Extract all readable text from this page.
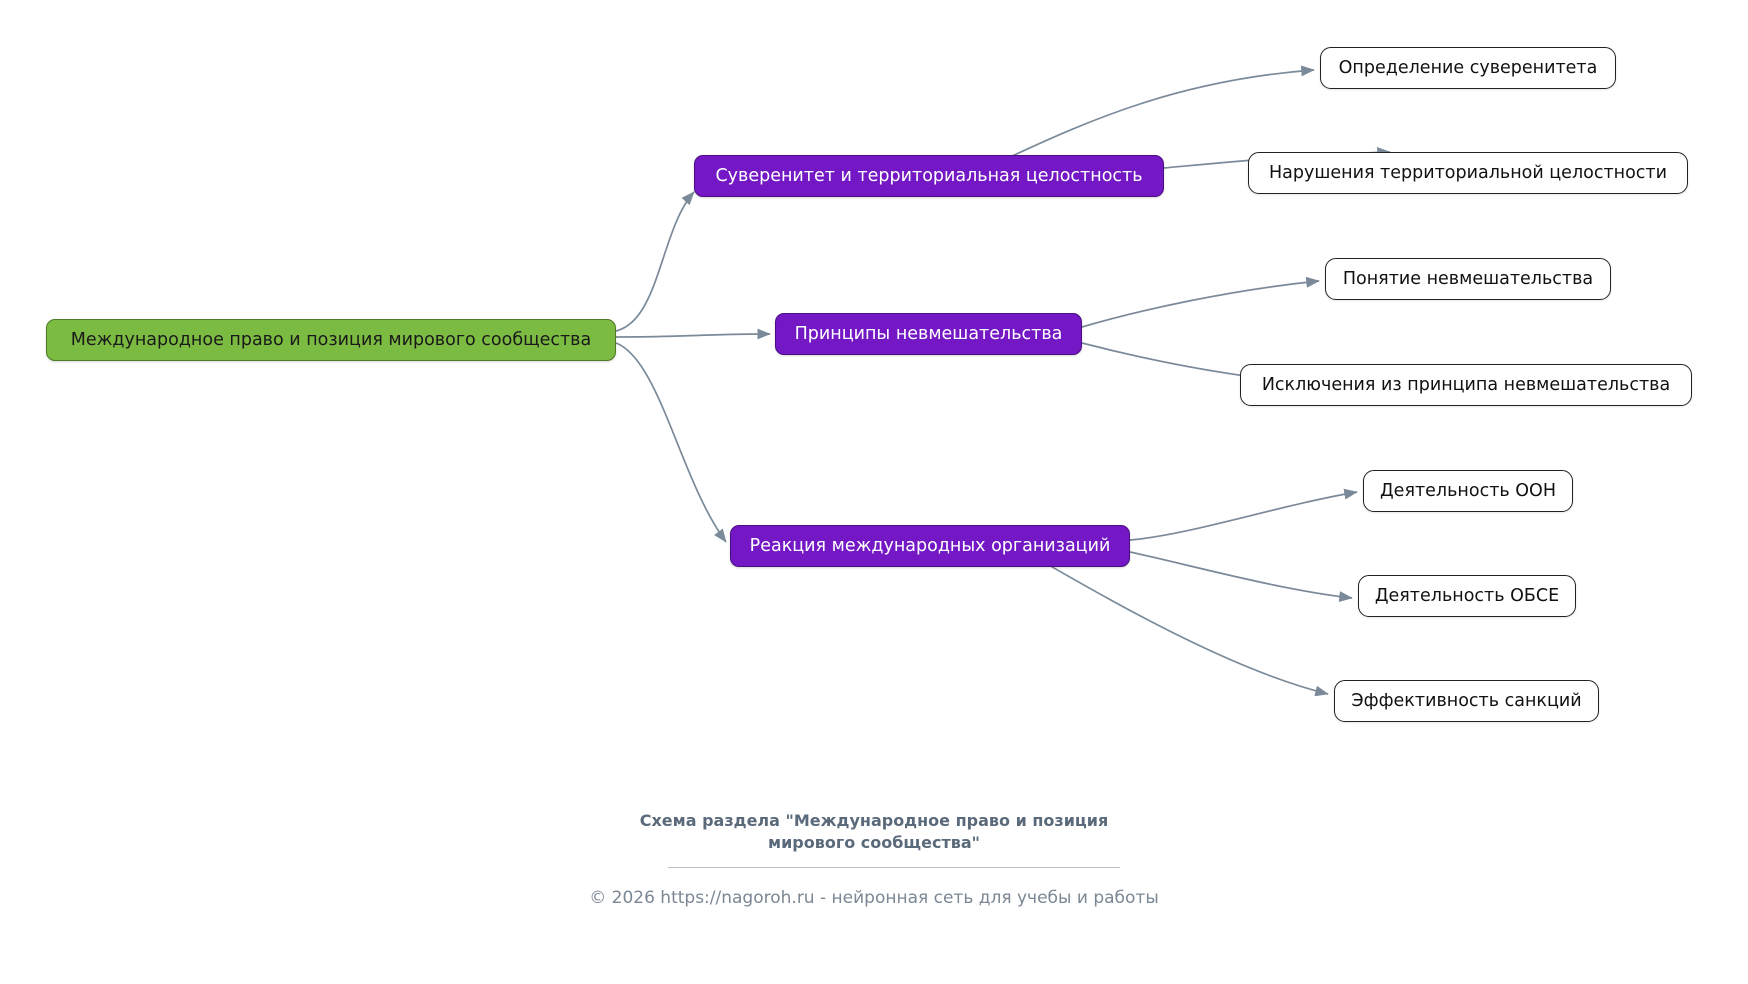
Международное право и позиция мирового сообщества
Суверенитет и территориальная целостность
Определение суверенитета
Нарушения территориальной целостности
Принципы невмешательства
Понятие невмешательства
Исключения из принципа невмешательства
Реакция международных организаций
Деятельность ООН
Деятельность ОБСЕ
Эффективность санкций
Схема раздела "Международное право и позиция
мирового сообщества"
© 2026 https://nagoroh.ru - нейронная сеть для учебы и работы
